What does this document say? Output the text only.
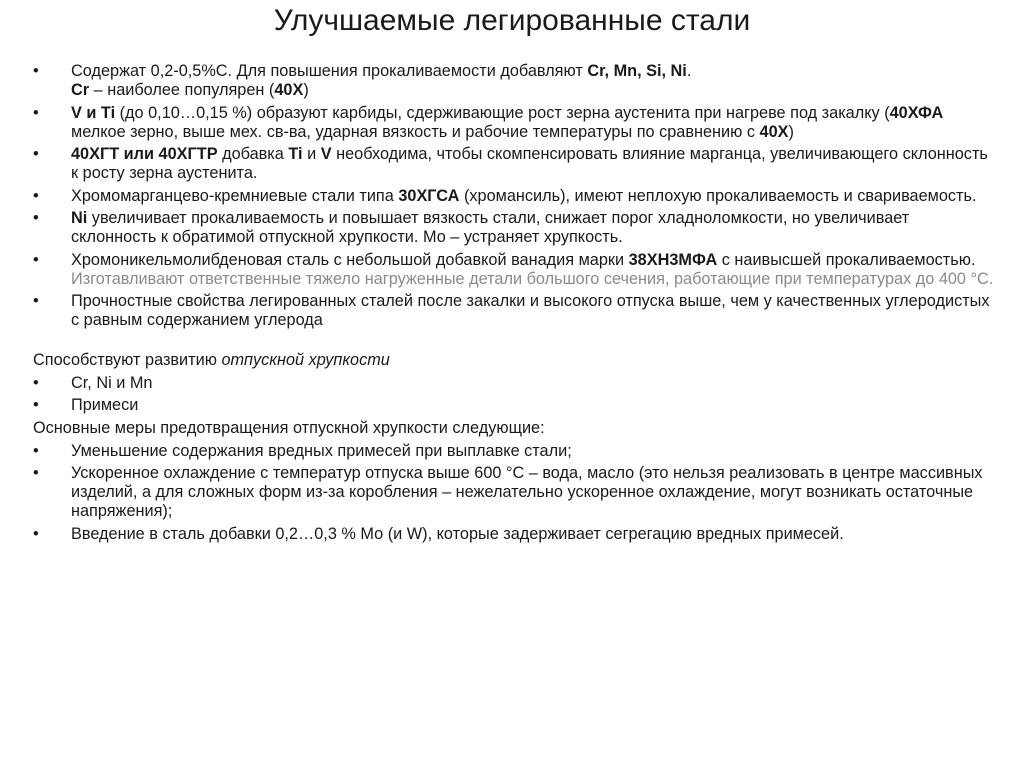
Улучшаемые легированные стали
•	Содержат 0,2-0,5%С. Для повышения прокаливаемости добавляют Cr, Mn, Si, Ni.
Cr – наиболее популярен (40X)
•	V и Ti (до 0,10…0,15 %) образуют карбиды, сдерживающие рост зерна аустенита при нагреве под закалку (40ХФА мелкое зерно, выше мех. св-ва, ударная вязкость и рабочие температуры по сравнению с 40X)
•	40ХГТ или 40ХГТР добавка Ti и V необходима, чтобы скомпенсировать влияние марганца, увеличивающего склонность к росту зерна аустенита.
•	Хромомарганцево-кремниевые стали типа 30ХГСА (хромансиль), имеют неплохую прокаливаемость и свариваемость.
•	Ni увеличивает прокаливаемость и повышает вязкость стали, снижает порог хладноломкости, но увеличивает склонность к обратимой отпускной хрупкости. Мо – устраняет хрупкость.
•	Хромоникельмолибденовая сталь с небольшой добавкой ванадия марки 38ХН3МФА с наивысшей прокаливаемостью. Изготавливают ответственные тяжело нагруженные детали большого сечения, работающие при температурах до 400 °С.
•	Прочностные свойства легированных сталей после закалки и высокого отпуска выше, чем у качественных углеродистых с равным содержанием углерода
Способствуют развитию отпускной хрупкости
•	Cr, Ni и Mn
•	Примеси
Основные меры предотвращения отпускной хрупкости следующие:
•	Уменьшение содержания вредных примесей при выплавке стали;
•	Ускоренное охлаждение с температур отпуска выше 600 °С – вода, масло (это нельзя реализовать в центре массивных изделий, а для сложных форм из-за коробления – нежелательно ускоренное охлаждение, могут возникать остаточные напряжения);
•	Введение в сталь добавки 0,2…0,3 % Мо (и W), которые задерживает сегрегацию вредных примесей.
